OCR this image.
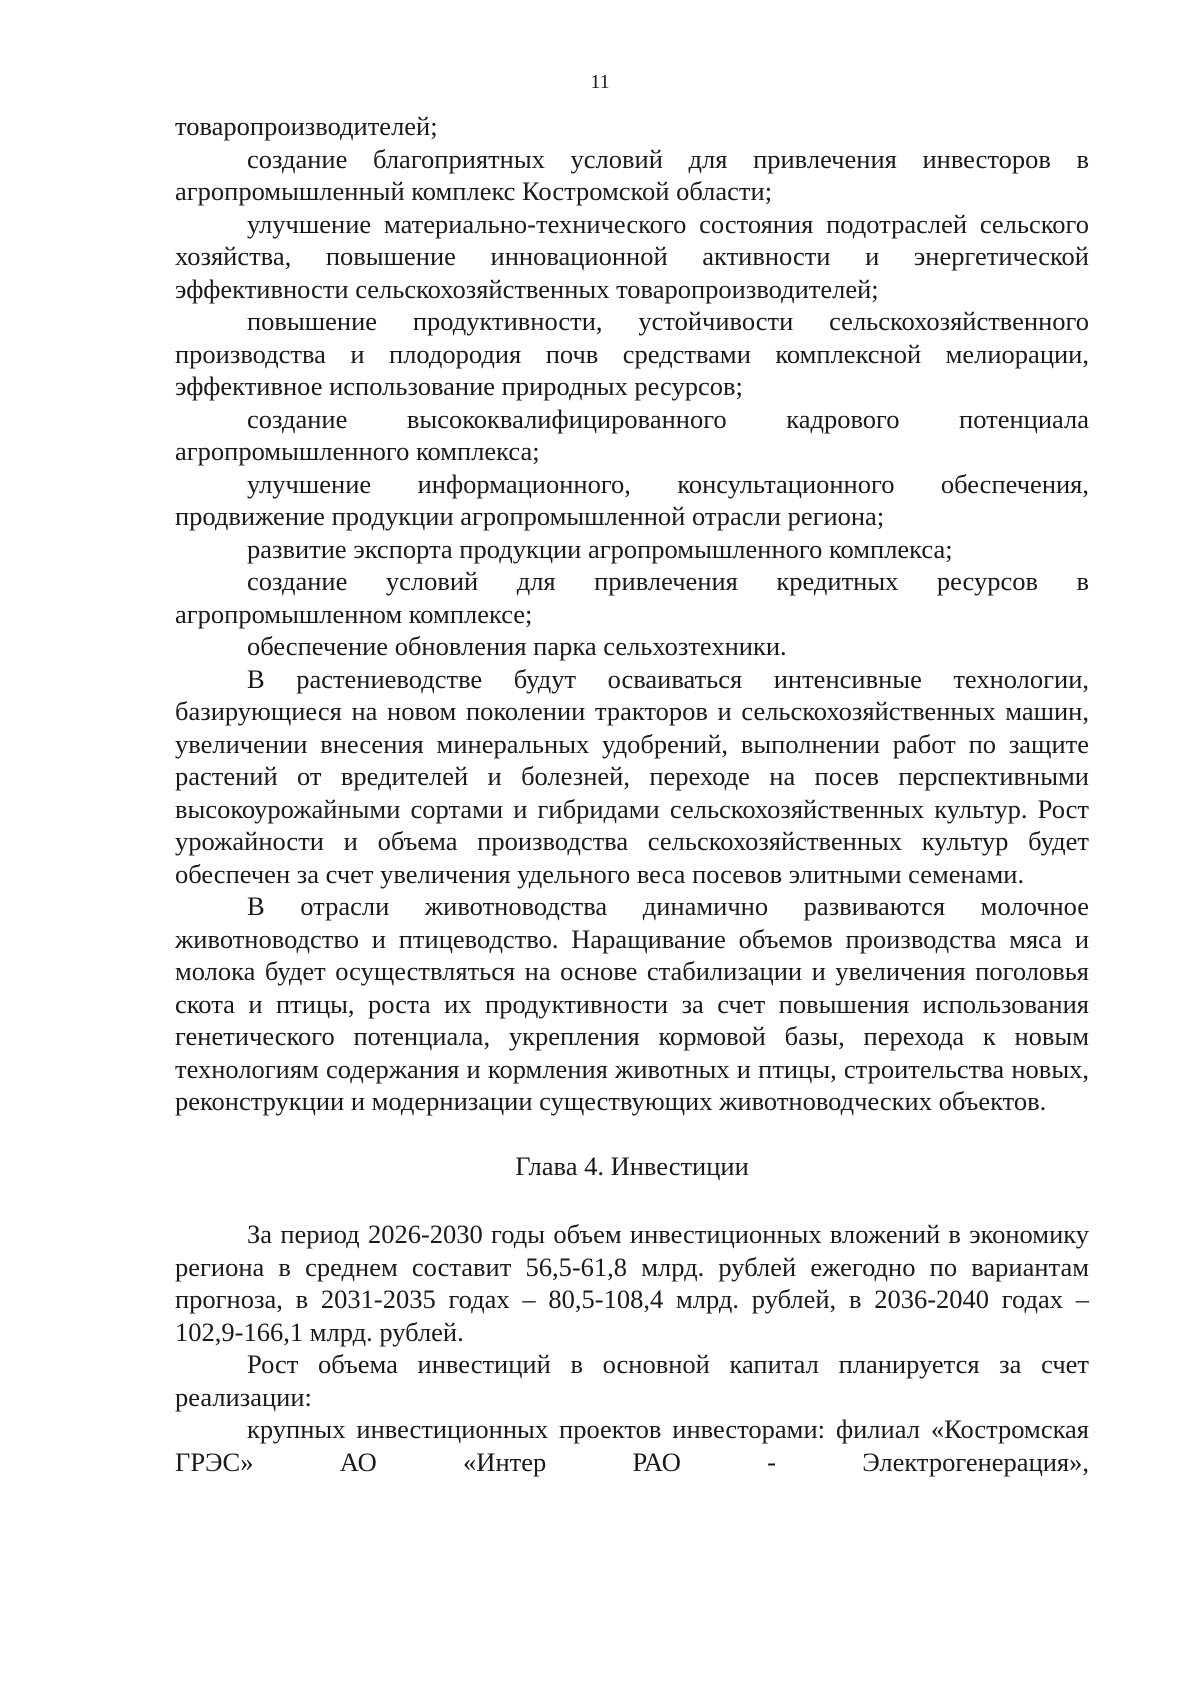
11

товаропроизводителей;

создание благоприятных условий для привлечения инвесторов в агропромышленный комплекс Костромской области;

улучшение материально-технического состояния подотраслей сельского хозяйства, повышение инновационной активности и энергетической эффективности сельскохозяйственных товаропроизводителей;

повышение продуктивности, устойчивости сельскохозяйственного производства и плодородия почв средствами комплексной мелиорации, эффективное использование природных ресурсов;

создание высококвалифицированного кадрового потенциала агропромышленного комплекса;

улучшение информационного, консультационного обеспечения, продвижение продукции агропромышленной отрасли региона;

развитие экспорта продукции агропромышленного комплекса;

создание условий для привлечения кредитных ресурсов в агропромышленном комплексе;

обеспечение обновления парка сельхозтехники.

В растениеводстве будут осваиваться интенсивные технологии, базирующиеся на новом поколении тракторов и сельскохозяйственных машин, увеличении внесения минеральных удобрений, выполнении работ по защите растений от вредителей и болезней, переходе на посев перспективными высокоурожайными сортами и гибридами сельскохозяйственных культур. Рост урожайности и объема производства сельскохозяйственных культур будет обеспечен за счет увеличения удельного веса посевов элитными семенами.

В отрасли животноводства динамично развиваются молочное животноводство и птицеводство. Наращивание объемов производства мяса и молока будет осуществляться на основе стабилизации и увеличения поголовья скота и птицы, роста их продуктивности за счет повышения использования генетического потенциала, укрепления кормовой базы, перехода к новым технологиям содержания и кормления животных и птицы, строительства новых, реконструкции и модернизации существующих животноводческих объектов.

Глава 4. Инвестиции

За период 2026-2030 годы объем инвестиционных вложений в экономику региона в среднем составит 56,5-61,8 млрд. рублей ежегодно по вариантам прогноза, в 2031-2035 годах – 80,5-108,4 млрд. рублей, в 2036-2040 годах – 102,9-166,1 млрд. рублей.

Рост объема инвестиций в основной капитал планируется за счет реализации:

крупных инвестиционных проектов инвесторами: филиал «Костромская ГРЭС» АО «Интер РАО - Электрогенерация»,
